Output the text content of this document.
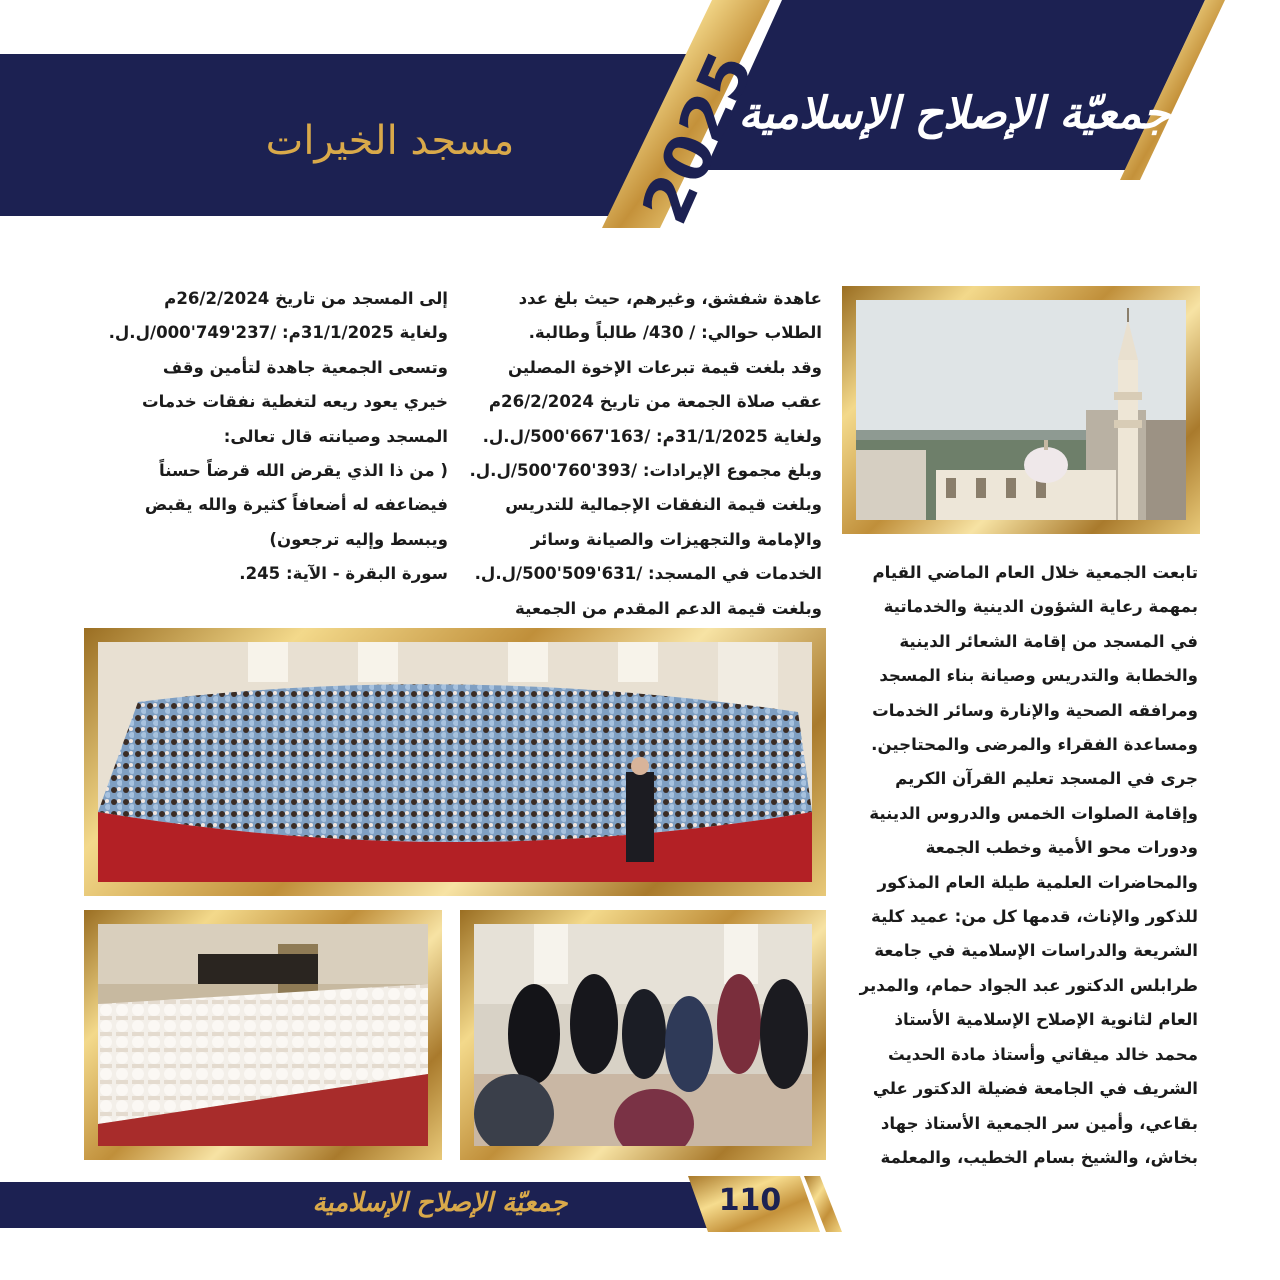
جمعيّة الإصلاح الإسلامية
2025
مسجد الخيرات

تابعت الجمعية خلال العام الماضي القيام

بمهمة رعاية الشؤون الدينية والخدماتية

في المسجد من إقامة الشعائر الدينية

والخطابة والتدريس وصيانة بناء المسجد

ومرافقه الصحية والإنارة وسائر الخدمات

ومساعدة الفقراء والمرضى والمحتاجين.

جرى في المسجد تعليم القرآن الكريم

وإقامة الصلوات الخمس والدروس الدينية

ودورات محو الأمية وخطب الجمعة

والمحاضرات العلمية طيلة العام المذكور

للذكور والإناث، قدمها كل من: عميد كلية

الشريعة والدراسات الإسلامية في جامعة

طرابلس الدكتور عبد الجواد حمام، والمدير

العام لثانوية الإصلاح الإسلامية الأستاذ

محمد خالد ميقاتي وأستاذ مادة الحديث

الشريف في الجامعة فضيلة الدكتور علي

بقاعي، وأمين سر الجمعية الأستاذ جهاد

بخاش، والشيخ بسام الخطيب، والمعلمة

عاهدة شفشق، وغيرهم، حيث بلغ عدد

الطلاب حوالي: / 430/ طالباً وطالبة.

وقد بلغت قيمة تبرعات الإخوة المصلين

عقب صلاة الجمعة من تاريخ 26/2/2024م

ولغاية 31/1/2025م: /163'667'500/ل.ل.

وبلغ مجموع الإيرادات: /393'760'500/ل.ل.

وبلغت قيمة النفقات الإجمالية للتدريس

والإمامة والتجهيزات والصيانة وسائر

الخدمات في المسجد: /631'509'500/ل.ل.

وبلغت قيمة الدعم المقدم من الجمعية

إلى المسجد من تاريخ 26/2/2024م

ولغاية 31/1/2025م: /237'749'000/ل.ل.

وتسعى الجمعية جاهدة لتأمين وقف

خيري يعود ريعه لتغطية نفقات خدمات

المسجد وصيانته قال تعالى:

( من ذا الذي يقرض الله قرضاً حسناً

فيضاعفه له أضعافاً كثيرة والله يقبض

ويبسط وإليه ترجعون)

سورة البقرة - الآية: 245.

110
جمعيّة الإصلاح الإسلامية
